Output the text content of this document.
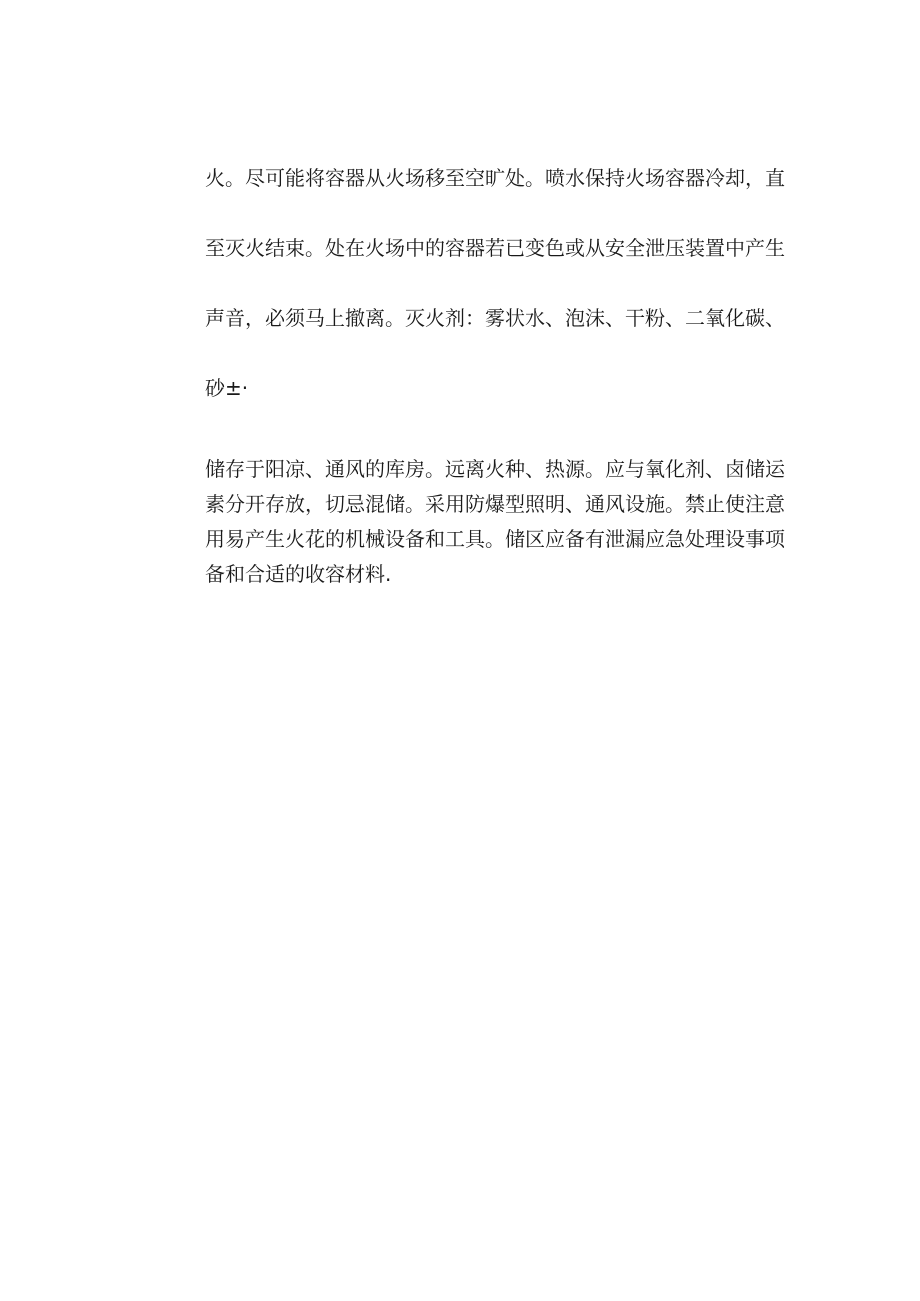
火。尽可能将容器从火场移至空旷处。喷水保持火场容器冷却，直
至灭火结束。处在火场中的容器若已变色或从安全泄压装置中产生
声音，必须马上撤离。灭火剂：雾状水、泡沫、干粉、二氧化碳、
砂±·
储存于阳凉、通风的库房。远离火种、热源。应与氧化剂、卤储运
素分开存放，切忌混储。采用防爆型照明、通风设施。禁止使注意
用易产生火花的机械设备和工具。储区应备有泄漏应急处理设事项
备和合适的收容材料.
